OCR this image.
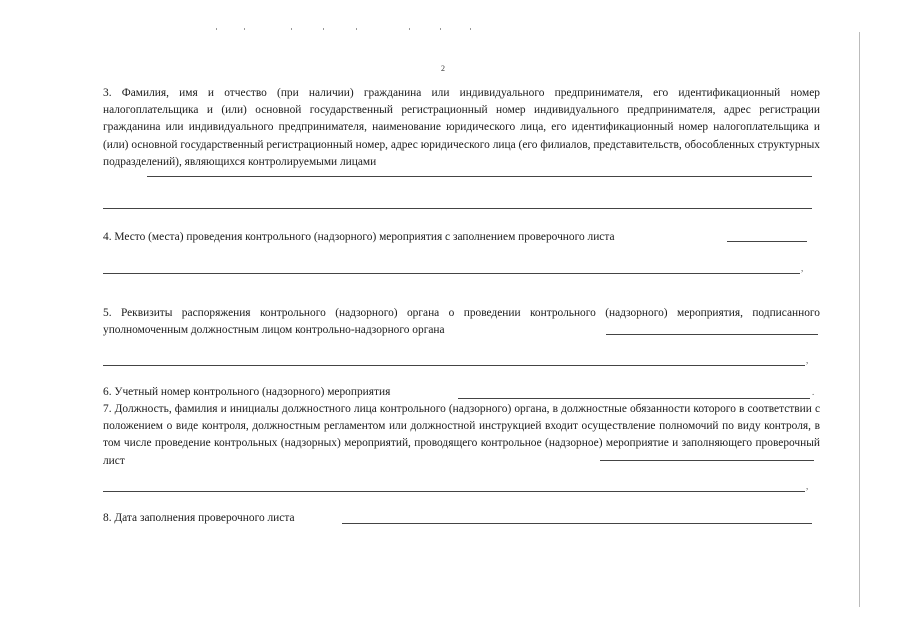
2
3. Фамилия, имя и отчество (при наличии) гражданина или индивидуального предпринимателя, его идентификационный номер налогоплательщика и (или) основной государственный регистрационный номер индивидуального предпринимателя, адрес регистрации гражданина или индивидуального предпринимателя, наименование юридического лица, его идентификационный номер налогоплательщика и (или) основной государственный регистрационный номер, адрес юридического лица (его филиалов, представительств, обособленных структурных подразделений), являющихся контролируемыми лицами
4. Место (места) проведения контрольного (надзорного) мероприятия с заполнением проверочного листа
,
5. Реквизиты распоряжения контрольного (надзорного) органа о проведении контрольного (надзорного) мероприятия, подписанного уполномоченным должностным лицом контрольно-надзорного органа
,
6. Учетный номер контрольного (надзорного) мероприятия	.
7. Должность, фамилия и инициалы должностного лица контрольного (надзорного) органа, в должностные обязанности которого в соответствии с положением о виде контроля, должностным регламентом или должностной инструкцией входит осуществление полномочий по виду контроля, в том числе проведение контрольных (надзорных) мероприятий, проводящего контрольное (надзорное) мероприятие и заполняющего проверочный лист
,
8. Дата заполнения проверочного листа
